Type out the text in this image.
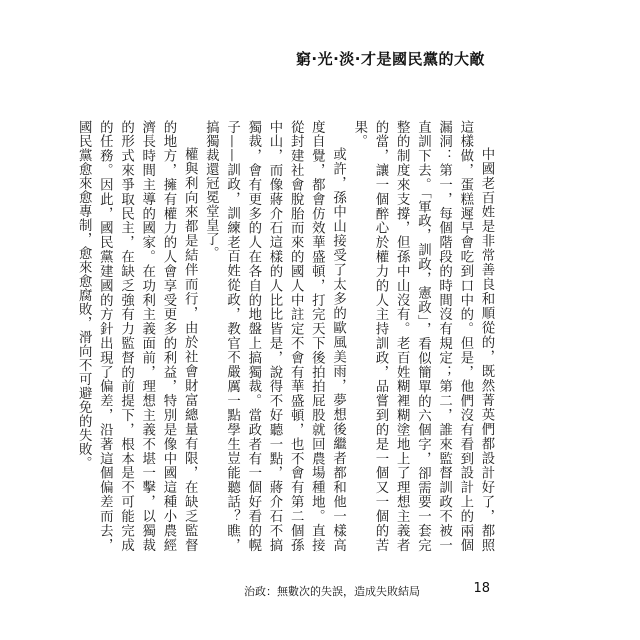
窮·光·淡·才是國民黨的大敵

中國老百姓是非常善良和順從的，既然菁英們都設計好了，都照這樣做，蛋糕遲早會吃到口中的。但是，他們沒有看到設計上的兩個漏洞：第一，每個階段的時間沒有規定；第二，誰來監督訓政不被一直訓下去。「軍政，訓政，憲政」，看似簡單的六個字，卻需要一套完整的制度來支撐，但孫中山沒有。老百姓糊裡糊塗地上了理想主義者的當，讓一個醉心於權力的人主持訓政，品嘗到的是一個又一個的苦果。

或許，孫中山接受了太多的歐風美雨，夢想後繼者都和他一樣高度自覺，都會仿效華盛頓，打完天下後拍拍屁股就回農場種地。直接從封建社會脫胎而來的國人中註定不會有華盛頓，也不會有第二個孫中山，而像蔣介石這樣的人比比皆是，說得不好聽一點，蔣介石不搞獨裁，會有更多的人在各自的地盤上搞獨裁。當政者有一個好看的幌子——訓政，訓練老百姓從政，教官不嚴厲一點學生豈能聽話？瞧，搞獨裁還冠冕堂皇了。

權與利向來都是結伴而行，由於社會財富總量有限，在缺乏監督的地方，擁有權力的人會享受更多的利益，特別是像中國這種小農經濟長時間主導的國家。在功利主義面前，理想主義不堪一擊，以獨裁的形式來爭取民主，在缺乏強有力監督的前提下，根本是不可能完成的任務。因此，國民黨建國的方針出現了偏差，沿著這個偏差而去，國民黨愈來愈專制，愈來愈腐敗，滑向不可避免的失敗。

治政：無數次的失誤，造成失敗結局	18
